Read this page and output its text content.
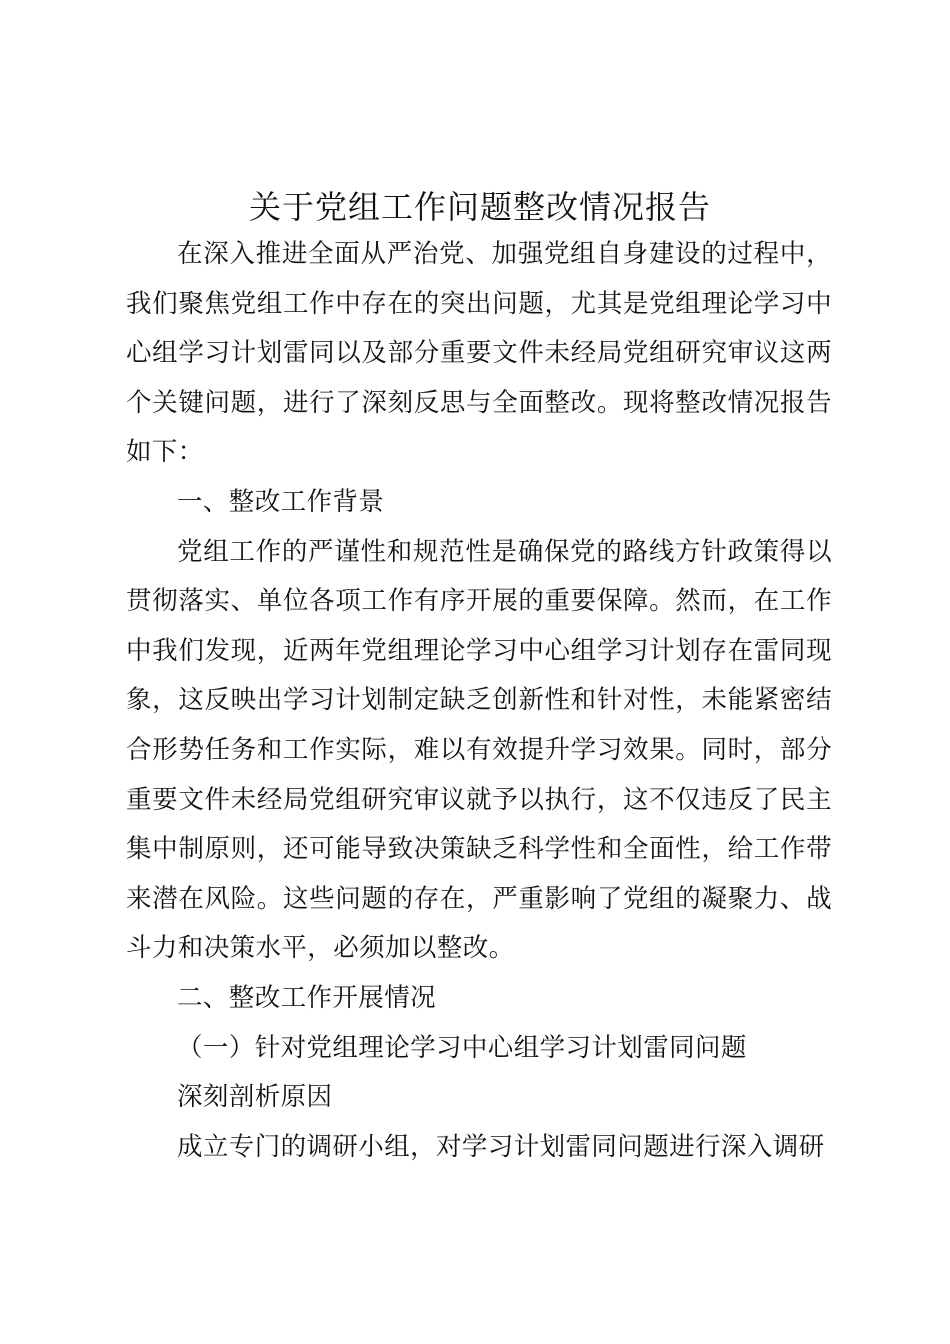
关于党组工作问题整改情况报告

在深入推进全面从严治党、加强党组自身建设的过程中，我们聚焦党组工作中存在的突出问题，尤其是党组理论学习中心组学习计划雷同以及部分重要文件未经局党组研究审议这两个关键问题，进行了深刻反思与全面整改。现将整改情况报告如下：

一、整改工作背景

党组工作的严谨性和规范性是确保党的路线方针政策得以贯彻落实、单位各项工作有序开展的重要保障。然而，在工作中我们发现，近两年党组理论学习中心组学习计划存在雷同现象，这反映出学习计划制定缺乏创新性和针对性，未能紧密结合形势任务和工作实际，难以有效提升学习效果。同时，部分重要文件未经局党组研究审议就予以执行，这不仅违反了民主集中制原则，还可能导致决策缺乏科学性和全面性，给工作带来潜在风险。这些问题的存在，严重影响了党组的凝聚力、战斗力和决策水平，必须加以整改。

二、整改工作开展情况

（一）针对党组理论学习中心组学习计划雷同问题

深刻剖析原因

成立专门的调研小组，对学习计划雷同问题进行深入调研
